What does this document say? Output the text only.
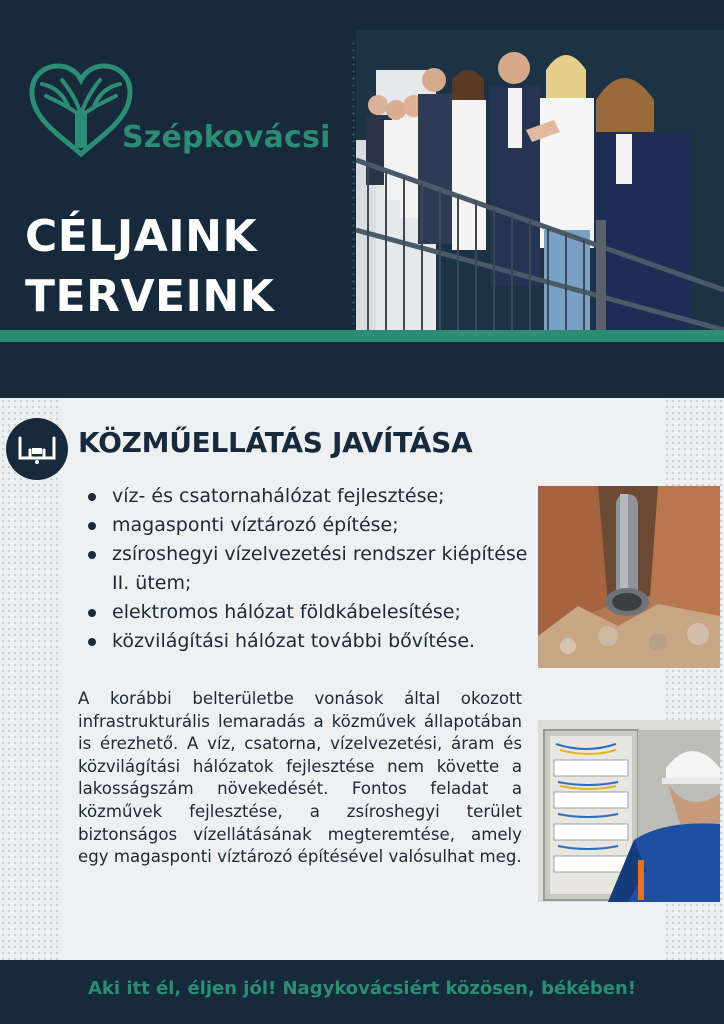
Szépkovácsi
CÉLJAINK
TERVEINK
KÖZMŰELLÁTÁS JAVÍTÁSA
víz- és csatornahálózat fejlesztése;
magasponti víztározó építése;
zsíroshegyi vízelvezetési rendszer kiépítése II. ütem;
elektromos hálózat földkábelesítése;
közvilágítási hálózat további bővítése.

A korábbi belterületbe vonások által okozott infrastrukturális lemaradás a közművek állapotában is érezhető. A víz, csatorna, vízelvezetési, áram és közvilágítási hálózatok fejlesztése nem követte a lakosságszám növekedését. Fontos feladat a közművek fejlesztése, a zsíroshegyi terület biztonságos vízellátásának megteremtése, amely egy magasponti víztározó építésével valósulhat meg.

Aki itt él, éljen jól! Nagykovácsiért közösen, békében!
